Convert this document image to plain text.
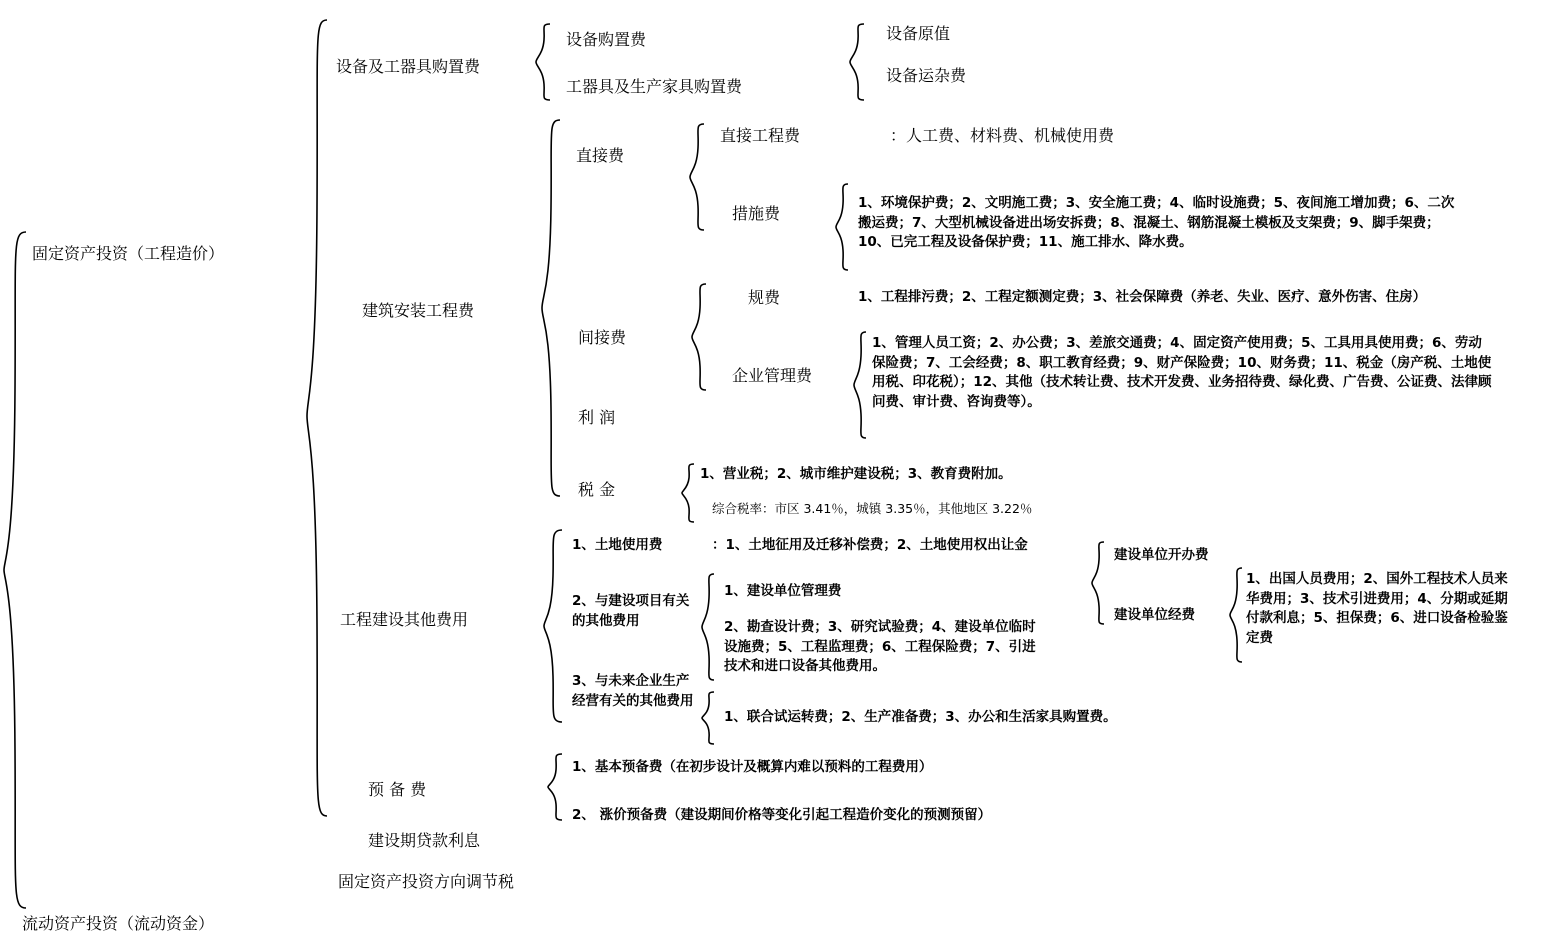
固定资产投资（工程造价）
流动资产投资（流动资金）
设备及工器具购置费
建筑安装工程费
工程建设其他费用
预 备 费
建设期贷款利息
固定资产投资方向调节税
设备购置费
工器具及生产家具购置费
设备原值
设备运杂费
直接费
间接费
利 润
税 金
直接工程费
措施费
：人工费、材料费、机械使用费
1、环境保护费；2、文明施工费；3、安全施工费；4、临时设施费；5、夜间施工增加费；6、二次搬运费；7、大型机械设备进出场安拆费；8、混凝土、钢筋混凝土模板及支架费；9、脚手架费；10、已完工程及设备保护费；11、施工排水、降水费。
规费
企业管理费
1、工程排污费；2、工程定额测定费；3、社会保障费（养老、失业、医疗、意外伤害、住房）
1、管理人员工资；2、办公费；3、差旅交通费；4、固定资产使用费；5、工具用具使用费；6、劳动保险费；7、工会经费；8、职工教育经费；9、财产保险费；10、财务费；11、税金（房产税、土地使用税、印花税）；12、其他（技术转让费、技术开发费、业务招待费、绿化费、广告费、公证费、法律顾问费、审计费、咨询费等）。
1、营业税；2、城市维护建设税；3、教育费附加。
综合税率：市区 3.41％，城镇 3.35％，其他地区 3.22％
1、土地使用费
2、与建设项目有关的其他费用
3、与未来企业生产经营有关的其他费用
：1、土地征用及迁移补偿费；2、土地使用权出让金
1、建设单位管理费
2、勘查设计费；3、研究试验费；4、建设单位临时设施费；5、工程监理费；6、工程保险费；7、引进技术和进口设备其他费用。
建设单位开办费
建设单位经费
1、出国人员费用；2、国外工程技术人员来华费用；3、技术引进费用；4、分期或延期付款利息；5、担保费；6、进口设备检验鉴定费
1、联合试运转费；2、生产准备费；3、办公和生活家具购置费。
1、基本预备费（在初步设计及概算内难以预料的工程费用）
2、 涨价预备费（建设期间价格等变化引起工程造价变化的预测预留）
